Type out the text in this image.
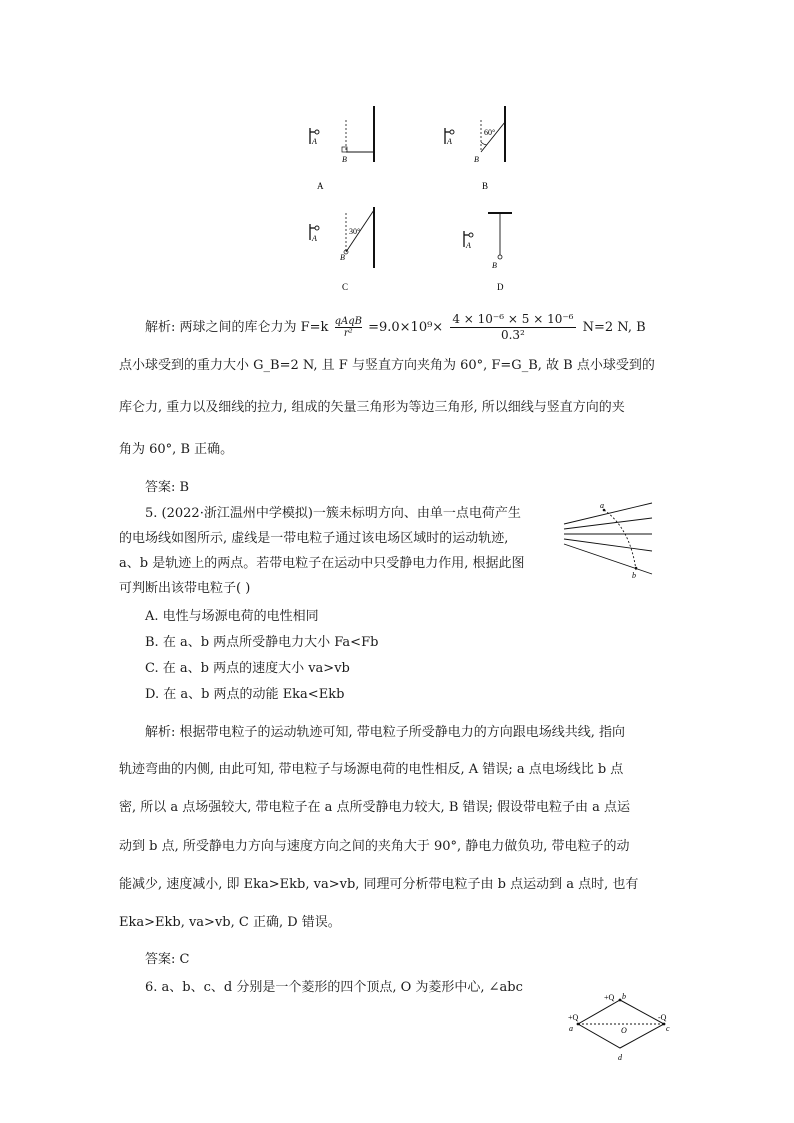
A
B
A
B
60°
A
B
30°
A
B
A	B
C	D
解析: 两球之间的库仑力为 F=k qAqB
r²	$=9.0\times 10^9\times \frac{\text{4 × 10⁻⁶ × 5 × 10⁻⁶}}{\text{0.3²}} N=2$ N, B
点小球受到的重力大小 G_B=2 N, 且 F 与竖直方向夹角为 60°, F=G_B, 故 B 点小球受到的
库仑力, 重力以及细线的拉力, 组成的矢量三角形为等边三角形, 所以细线与竖直方向的夹
角为 60°, B 正确。
答案: B
5. (2022·浙江温州中学模拟)一簇未标明方向、由单一点电荷产生
的电场线如图所示, 虚线是一带电粒子通过该电场区域时的运动轨迹,
a、b 是轨迹上的两点。若带电粒子在运动中只受静电力作用, 根据此图
可判断出该带电粒子( )
A. 电性与场源电荷的电性相同
B. 在 a、b 两点所受静电力大小 Fa<Fb
C. 在 a、b 两点的速度大小 va>vb
D. 在 a、b 两点的动能 Eka<Ekb
a
b
解析: 根据带电粒子的运动轨迹可知, 带电粒子所受静电力的方向跟电场线共线, 指向
轨迹弯曲的内侧, 由此可知, 带电粒子与场源电荷的电性相反, A 错误; a 点电场线比 b 点
密, 所以 a 点场强较大, 带电粒子在 a 点所受静电力较大, B 错误; 假设带电粒子由 a 点运
动到 b 点, 所受静电力方向与速度方向之间的夹角大于 90°, 静电力做负功, 带电粒子的动
能减少, 速度减小, 即 Eka>Ekb, va>vb, 同理可分析带电粒子由 b 点运动到 a 点时, 也有
Eka>Ekb, va>vb, C 正确, D 错误。
答案: C
6. a、b、c、d 分别是一个菱形的四个顶点, O 为菱形中心, ∠abc
+Q b
+Q
a
-Q
c
O
d
